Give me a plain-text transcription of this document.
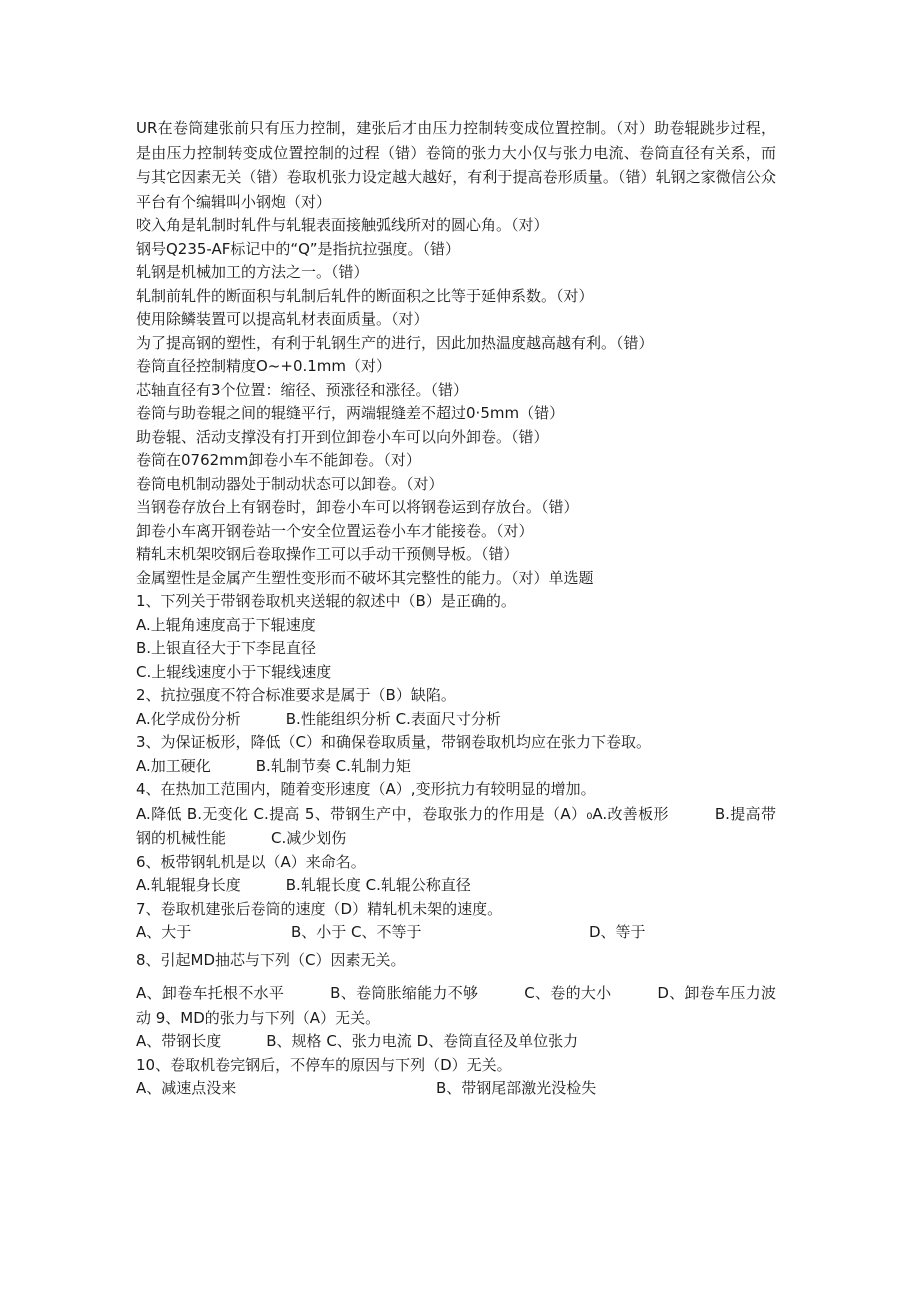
UR在卷筒建张前只有压力控制，建张后才由压力控制转变成位置控制。（对）助卷辊跳步过程，是由压力控制转变成位置控制的过程（错）卷筒的张力大小仅与张力电流、卷筒直径有关系，而与其它因素无关（错）卷取机张力设定越大越好，有利于提高卷形质量。（错）轧钢之家微信公众平台有个编辑叫小钢炮（对）

咬入角是轧制时轧件与轧辊表面接触弧线所对的圆心角。（对）

钢号Q235-AF标记中的“Q”是指抗拉强度。（错）

轧钢是机械加工的方法之一。（错）

轧制前轧件的断面积与轧制后轧件的断面积之比等于延伸系数。（对）

使用除鳞装置可以提高轧材表面质量。（对）

为了提高钢的塑性，有利于轧钢生产的进行，因此加热温度越高越有利。（错）

卷筒直径控制精度O~+0.1mm（对）

芯轴直径有3个位置：缩径、预涨径和涨径。（错）

卷筒与助卷辊之间的辊缝平行，两端辊缝差不超过0·5mm（错）

助卷辊、活动支撑没有打开到位卸卷小车可以向外卸卷。（错）

卷筒在0762mm卸卷小车不能卸卷。（对）

卷筒电机制动器处于制动状态可以卸卷。（对）

当钢卷存放台上有钢卷时，卸卷小车可以将钢卷运到存放台。（错）

卸卷小车离开钢卷站一个安全位置运卷小车才能接卷。（对）

精轧末机架咬钢后卷取操作工可以手动干预侧导板。（错）

金属塑性是金属产生塑性变形而不破坏其完整性的能力。（对）单选题

1、下列关于带钢卷取机夹送辊的叙述中（B）是正确的。

A.上辊角速度高于下辊速度

B.上银直径大于下李昆直径

C.上辊线速度小于下辊线速度

2、抗拉强度不符合标准要求是属于（B）缺陷。

A.化学成份分析　　　B.性能组织分析 C.表面尺寸分析

3、为保证板形，降低（C）和确保卷取质量，带钢卷取机均应在张力下卷取。

A.加工硬化　　　B.轧制节奏 C.轧制力矩

4、在热加工范围内，随着变形速度（A）,变形抗力有较明显的增加。

A.降低 B.无变化 C.提高 5、带钢生产中，卷取张力的作用是（A）₀A.改善板形　　　B.提高带钢的机械性能　　　C.减少划伤

6、板带钢轧机是以（A）来命名。

A.轧辊辊身长度　　　B.轧辊长度 C.轧辊公称直径

7、卷取机建张后卷筒的速度（D）精轧机未架的速度。

A、大于	B、小于 C、不等于	D、等于

8、引起MD抽芯与下列（C）因素无关。

A、卸卷车托根不水平　　　B、卷筒胀缩能力不够　　　C、卷的大小　　　D、卸卷车压力波动 9、MD的张力与下列（A）无关。

A、带钢长度　　　B、规格 C、张力电流 D、卷筒直径及单位张力

10、卷取机卷完钢后，不停车的原因与下列（D）无关。

A、减速点没来	B、带钢尾部激光没检失
